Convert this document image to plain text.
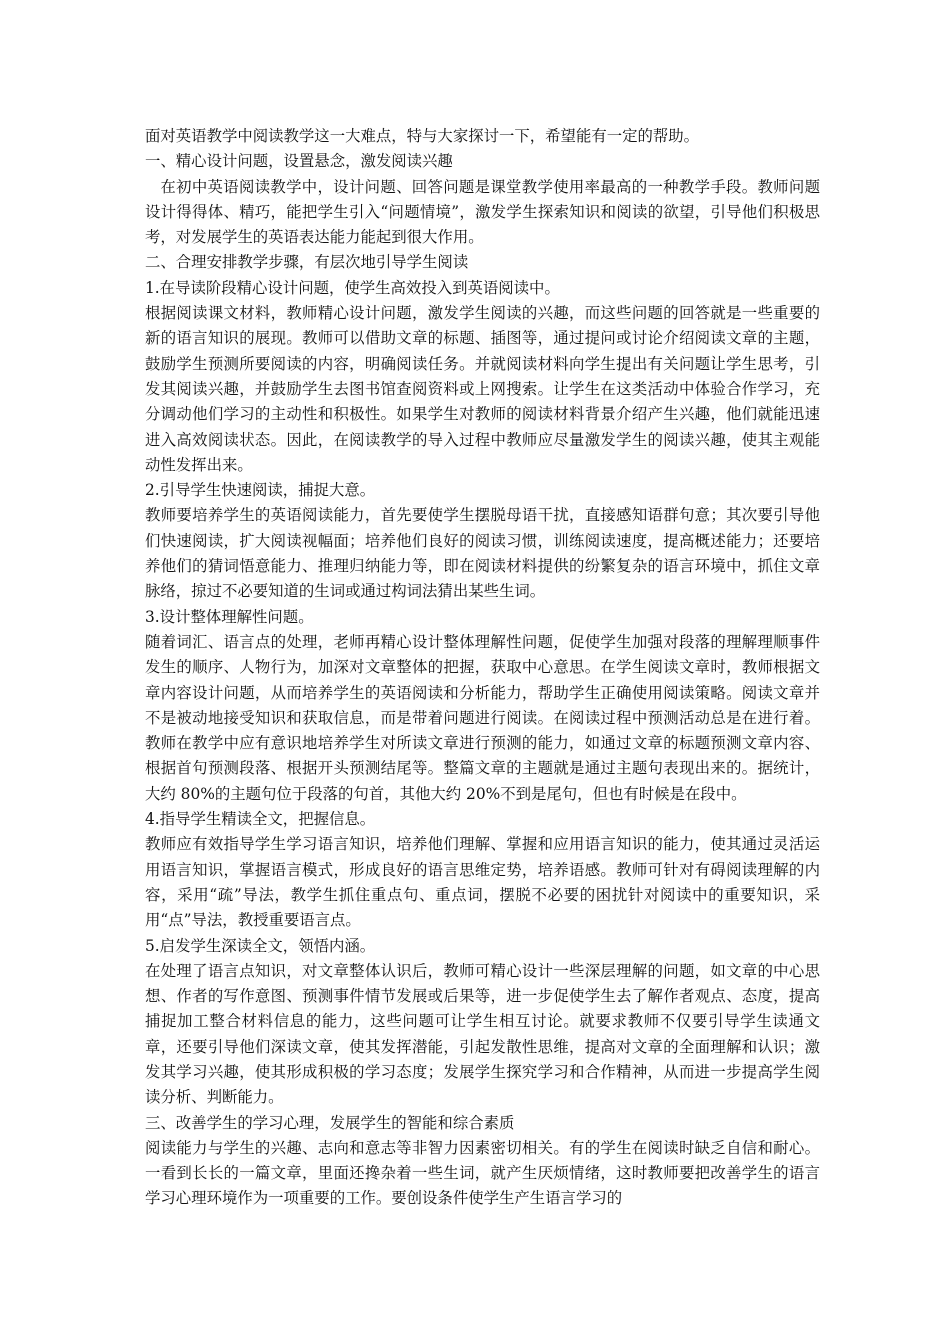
面对英语教学中阅读教学这一大难点，特与大家探讨一下，希望能有一定的帮助。

一、精心设计问题，设置悬念，激发阅读兴趣

在初中英语阅读教学中，设计问题、回答问题是课堂教学使用率最高的一种教学手段。教师问题设计得得体、精巧，能把学生引入“问题情境”，激发学生探索知识和阅读的欲望，引导他们积极思考，对发展学生的英语表达能力能起到很大作用。

二、合理安排教学步骤，有层次地引导学生阅读

1.在导读阶段精心设计问题，使学生高效投入到英语阅读中。

根据阅读课文材料，教师精心设计问题，激发学生阅读的兴趣，而这些问题的回答就是一些重要的新的语言知识的展现。教师可以借助文章的标题、插图等，通过提问或讨论介绍阅读文章的主题，鼓励学生预测所要阅读的内容，明确阅读任务。并就阅读材料向学生提出有关问题让学生思考，引发其阅读兴趣，并鼓励学生去图书馆查阅资料或上网搜索。让学生在这类活动中体验合作学习，充分调动他们学习的主动性和积极性。如果学生对教师的阅读材料背景介绍产生兴趣，他们就能迅速进入高效阅读状态。因此，在阅读教学的导入过程中教师应尽量激发学生的阅读兴趣，使其主观能动性发挥出来。

2.引导学生快速阅读，捕捉大意。

教师要培养学生的英语阅读能力，首先要使学生摆脱母语干扰，直接感知语群句意；其次要引导他们快速阅读，扩大阅读视幅面；培养他们良好的阅读习惯，训练阅读速度，提高概述能力；还要培养他们的猜词悟意能力、推理归纳能力等，即在阅读材料提供的纷繁复杂的语言环境中，抓住文章脉络，掠过不必要知道的生词或通过构词法猜出某些生词。

3.设计整体理解性问题。

随着词汇、语言点的处理，老师再精心设计整体理解性问题，促使学生加强对段落的理解理顺事件发生的顺序、人物行为，加深对文章整体的把握，获取中心意思。在学生阅读文章时，教师根据文章内容设计问题，从而培养学生的英语阅读和分析能力，帮助学生正确使用阅读策略。阅读文章并不是被动地接受知识和获取信息，而是带着问题进行阅读。在阅读过程中预测活动总是在进行着。教师在教学中应有意识地培养学生对所读文章进行预测的能力，如通过文章的标题预测文章内容、根据首句预测段落、根据开头预测结尾等。整篇文章的主题就是通过主题句表现出来的。据统计，大约 80%的主题句位于段落的句首，其他大约 20%不到是尾句，但也有时候是在段中。

4.指导学生精读全文，把握信息。

教师应有效指导学生学习语言知识，培养他们理解、掌握和应用语言知识的能力，使其通过灵活运用语言知识，掌握语言模式，形成良好的语言思维定势，培养语感。教师可针对有碍阅读理解的内容，采用“疏”导法，教学生抓住重点句、重点词，摆脱不必要的困扰针对阅读中的重要知识，采用“点”导法，教授重要语言点。

5.启发学生深读全文，领悟内涵。

在处理了语言点知识，对文章整体认识后，教师可精心设计一些深层理解的问题，如文章的中心思想、作者的写作意图、预测事件情节发展或后果等，进一步促使学生去了解作者观点、态度，提高捕捉加工整合材料信息的能力，这些问题可让学生相互讨论。就要求教师不仅要引导学生读通文章，还要引导他们深读文章，使其发挥潜能，引起发散性思维，提高对文章的全面理解和认识；激发其学习兴趣，使其形成积极的学习态度；发展学生探究学习和合作精神，从而进一步提高学生阅读分析、判断能力。

三、改善学生的学习心理，发展学生的智能和综合素质

阅读能力与学生的兴趣、志向和意志等非智力因素密切相关。有的学生在阅读时缺乏自信和耐心。一看到长长的一篇文章，里面还搀杂着一些生词，就产生厌烦情绪，这时教师要把改善学生的语言学习心理环境作为一项重要的工作。要创设条件使学生产生语言学习的
